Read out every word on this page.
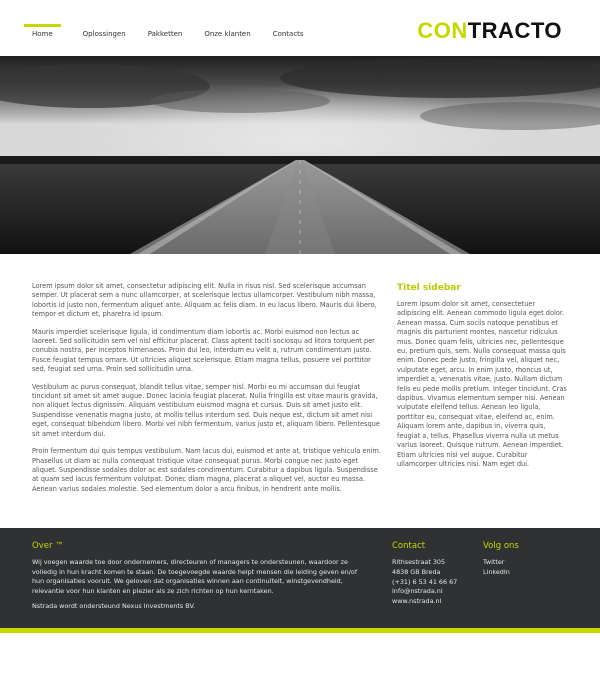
Home	Oplossingen	Pakketten	Onze klanten	Contacts	CONTRACTO

Lorem ipsum dolor sit amet, consectetur adipiscing elit. Nulla in risus nisl. Sed scelerisque accumsan semper. Ut placerat sem a nunc ullamcorper, at scelerisque lectus ullamcorper. Vestibulum nibh massa, lobortis id justo non, fermentum aliquet ante. Aliquam ac felis diam. In eu lacus libero. Mauris dui libero, tempor et dictum et, pharetra id ipsum.

Mauris imperdiet scelerisque ligula, id condimentum diam lobortis ac. Morbi euismod non lectus ac laoreet. Sed sollicitudin sem vel nisl efficitur placerat. Class aptent taciti sociosqu ad litora torquent per conubia nostra, per inceptos himenaeos. Proin dui leo, interdum eu velit a, rutrum condimentum justo. Fusce feugiat tempus ornare. Ut ultricies aliquet scelerisque. Etiam magna tellus, posuere vel porttitor sed, feugiat sed urna. Proin sed sollicitudin urna.

Vestibulum ac purus consequat, blandit tellus vitae, semper nisl. Morbi eu mi accumsan dui feugiat tincidunt sit amet sit amet augue. Donec lacinia feugiat placerat. Nulla fringilla est vitae mauris gravida, non aliquet lectus dignissim. Aliquam vestibulum euismod magna et cursus. Duis sit amet justo elit. Suspendisse venenatis magna justo, at mollis tellus interdum sed. Duis neque est, dictum sit amet nisi eget, consequat bibendum libero. Morbi vel nibh fermentum, varius justo et, aliquam libero. Pellentesque sit amet interdum dui.

Proin fermentum dui quis tempus vestibulum. Nam lacus dui, euismod et ante at, tristique vehicula enim. Phasellus ut diam ac nulla consequat tristique vitae consequat purus. Morbi congue nec justo eget aliquet. Suspendisse sodales dolor ac est sodales condimentum. Curabitur a dapibus ligula. Suspendisse at quam sed lacus fermentum volutpat. Donec diam magna, placerat a aliquet vel, auctor eu massa. Aenean varius sodales molestie. Sed elementum dolor a arcu finibus, in hendrerit ante mollis.

Titel sidebar

Lorem ipsum dolor sit amet, consectetuer adipiscing elit. Aenean commodo ligula eget dolor. Aenean massa. Cum sociis natoque penatibus et magnis dis parturient montes, nascetur ridiculus mus. Donec quam felis, ultricies nec, pellentesque eu, pretium quis, sem. Nulla consequat massa quis enim. Donec pede justo, fringilla vel, aliquet nec, vulputate eget, arcu. In enim justo, rhoncus ut, imperdiet a, venenatis vitae, justo. Nullam dictum felis eu pede mollis pretium. Integer tincidunt. Cras dapibus. Vivamus elementum semper nisi. Aenean vulputate eleifend tellus. Aenean leo ligula, porttitor eu, consequat vitae, eleifend ac, enim. Aliquam lorem ante, dapibus in, viverra quis, feugiat a, tellus. Phasellus viverra nulla ut metus varius laoreet. Quisque rutrum. Aenean imperdiet. Etiam ultricies nisi vel augue. Curabitur ullamcorper ultricies nisi. Nam eget dui.

Over ™

Wij voegen waarde toe door ondernemers, directeuren of managers te ondersteunen, waardoor ze volledig in hun kracht komen te staan. De toegevoegde waarde helpt mensen die leiding geven en/of hun organisaties vooruit. We geloven dat organisaties winnen aan continuïteit, winstgevendheid, relevantie voor hun klanten en plezier als ze zich richten op hun kerntaken.

Nstrada wordt ondersteund Nexus Investments BV.

Contact
Rithsestraat 305
4838 GB Breda
(+31) 6 53 41 66 67
info@nstrada.nl
www.nstrada.nl
Volg ons
Twitter
LinkedIn
